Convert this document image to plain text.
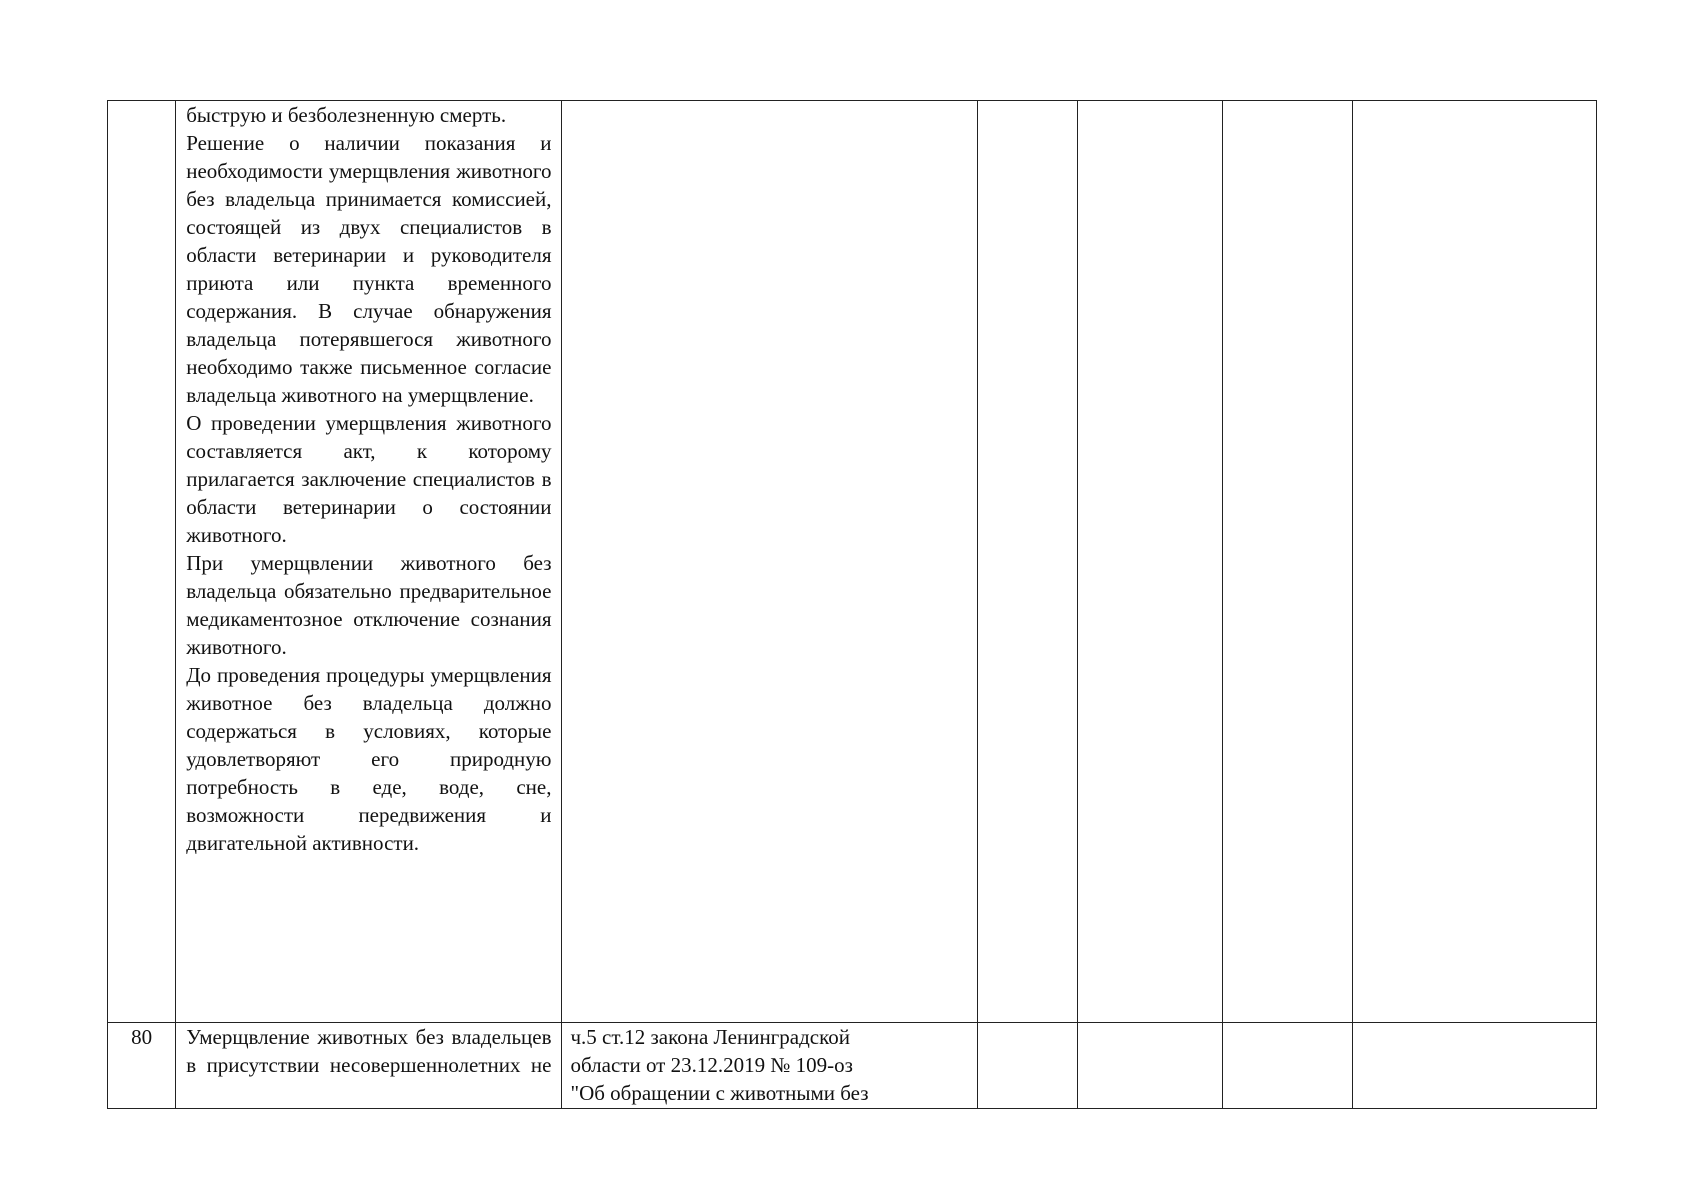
	быструю и безболезненную смерть.

Решение о наличии показания и необходимости умерщвления животного без владельца принимается комиссией, состоящей из двух специалистов в области ветеринарии и руководителя приюта или пункта временного содержания. В случае обнаружения владельца потерявшегося животного необходимо также письменное согласие владельца животного на умерщвление.

О проведении умерщвления животного составляется акт, к которому прилагается заключение специалистов в области ветеринарии о состоянии животного.

При умерщвлении животного без владельца обязательно предварительное медикаментозное отключение сознания животного.

До проведения процедуры умерщвления животное без владельца должно содержаться в условиях, которые удовлетворяют его природную потребность в еде, воде, сне, возможности передвижения и двигательной активности.					

80	Умерщвление животных без владельцев в присутствии несовершеннолетних не	ч.5 ст.12 закона Ленинградской

области от 23.12.2019 № 109-оз

"Об обращении с животными без				
